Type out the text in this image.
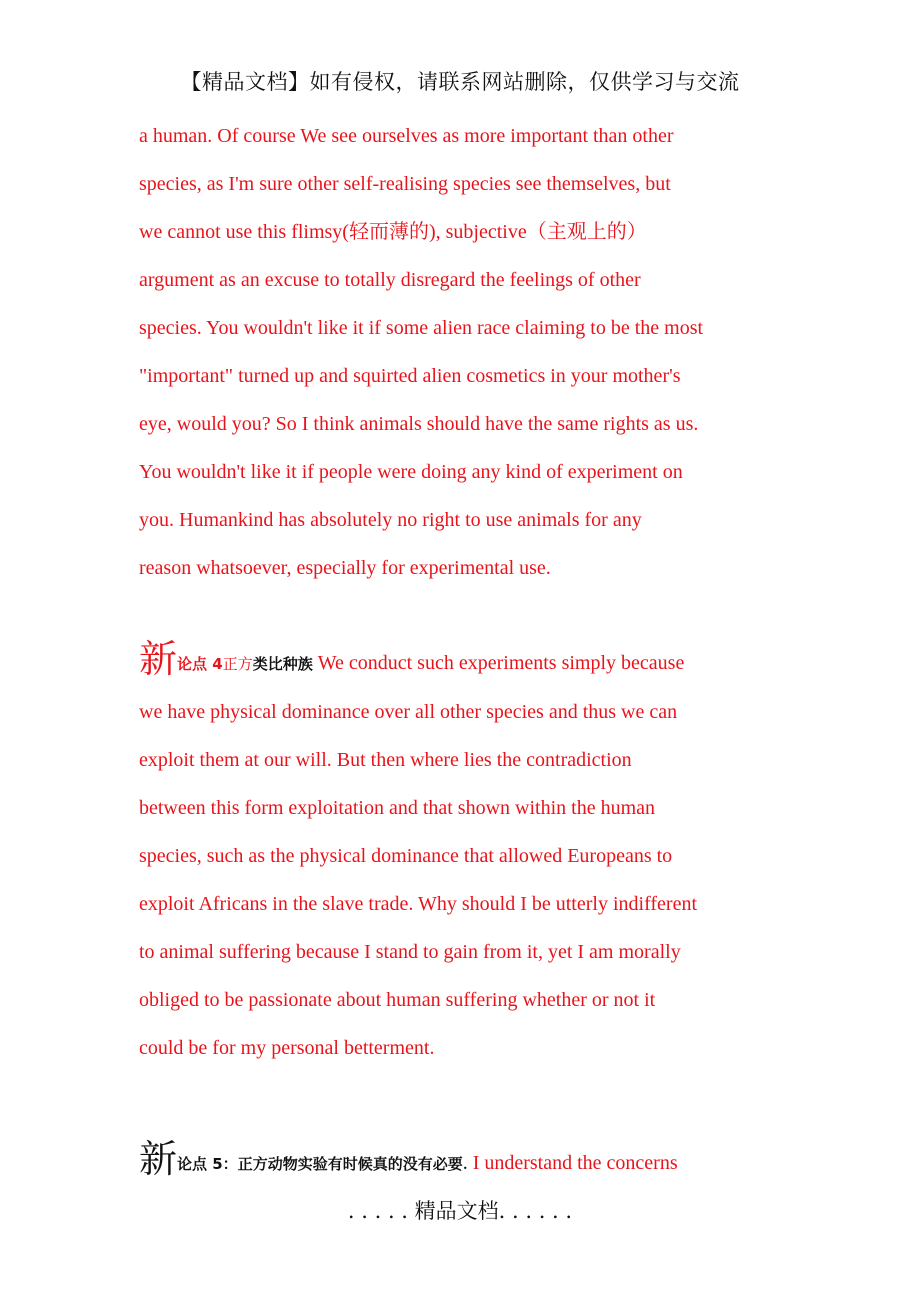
【精品文档】如有侵权，请联系网站删除，仅供学习与交流
a human. Of course We see ourselves as more important than other
species, as I'm sure other self-realising species see themselves, but
we cannot use this flimsy(轻而薄的), subjective（主观上的）
argument as an excuse to totally disregard the feelings of other
species. You wouldn't like it if some alien race claiming to be the most
"important" turned up and squirted alien cosmetics in your mother's
eye, would you? So I think animals should have the same rights as us.
You wouldn't like it if people were doing any kind of experiment on
you. Humankind has absolutely no right to use animals for any
reason whatsoever, especially for experimental use.
新论点 4正方类比种族 We conduct such experiments simply because
we have physical dominance over all other species and thus we can
exploit them at our will. But then where lies the contradiction
between this form exploitation and that shown within the human
species, such as the physical dominance that allowed Europeans to
exploit Africans in the slave trade. Why should I be utterly indifferent
to animal suffering because I stand to gain from it, yet I am morally
obliged to be passionate about human suffering whether or not it
could be for my personal betterment.
新论点 5：正方动物实验有时候真的没有必要. I understand the concerns
. . . . . 精品文档. . . . . .
